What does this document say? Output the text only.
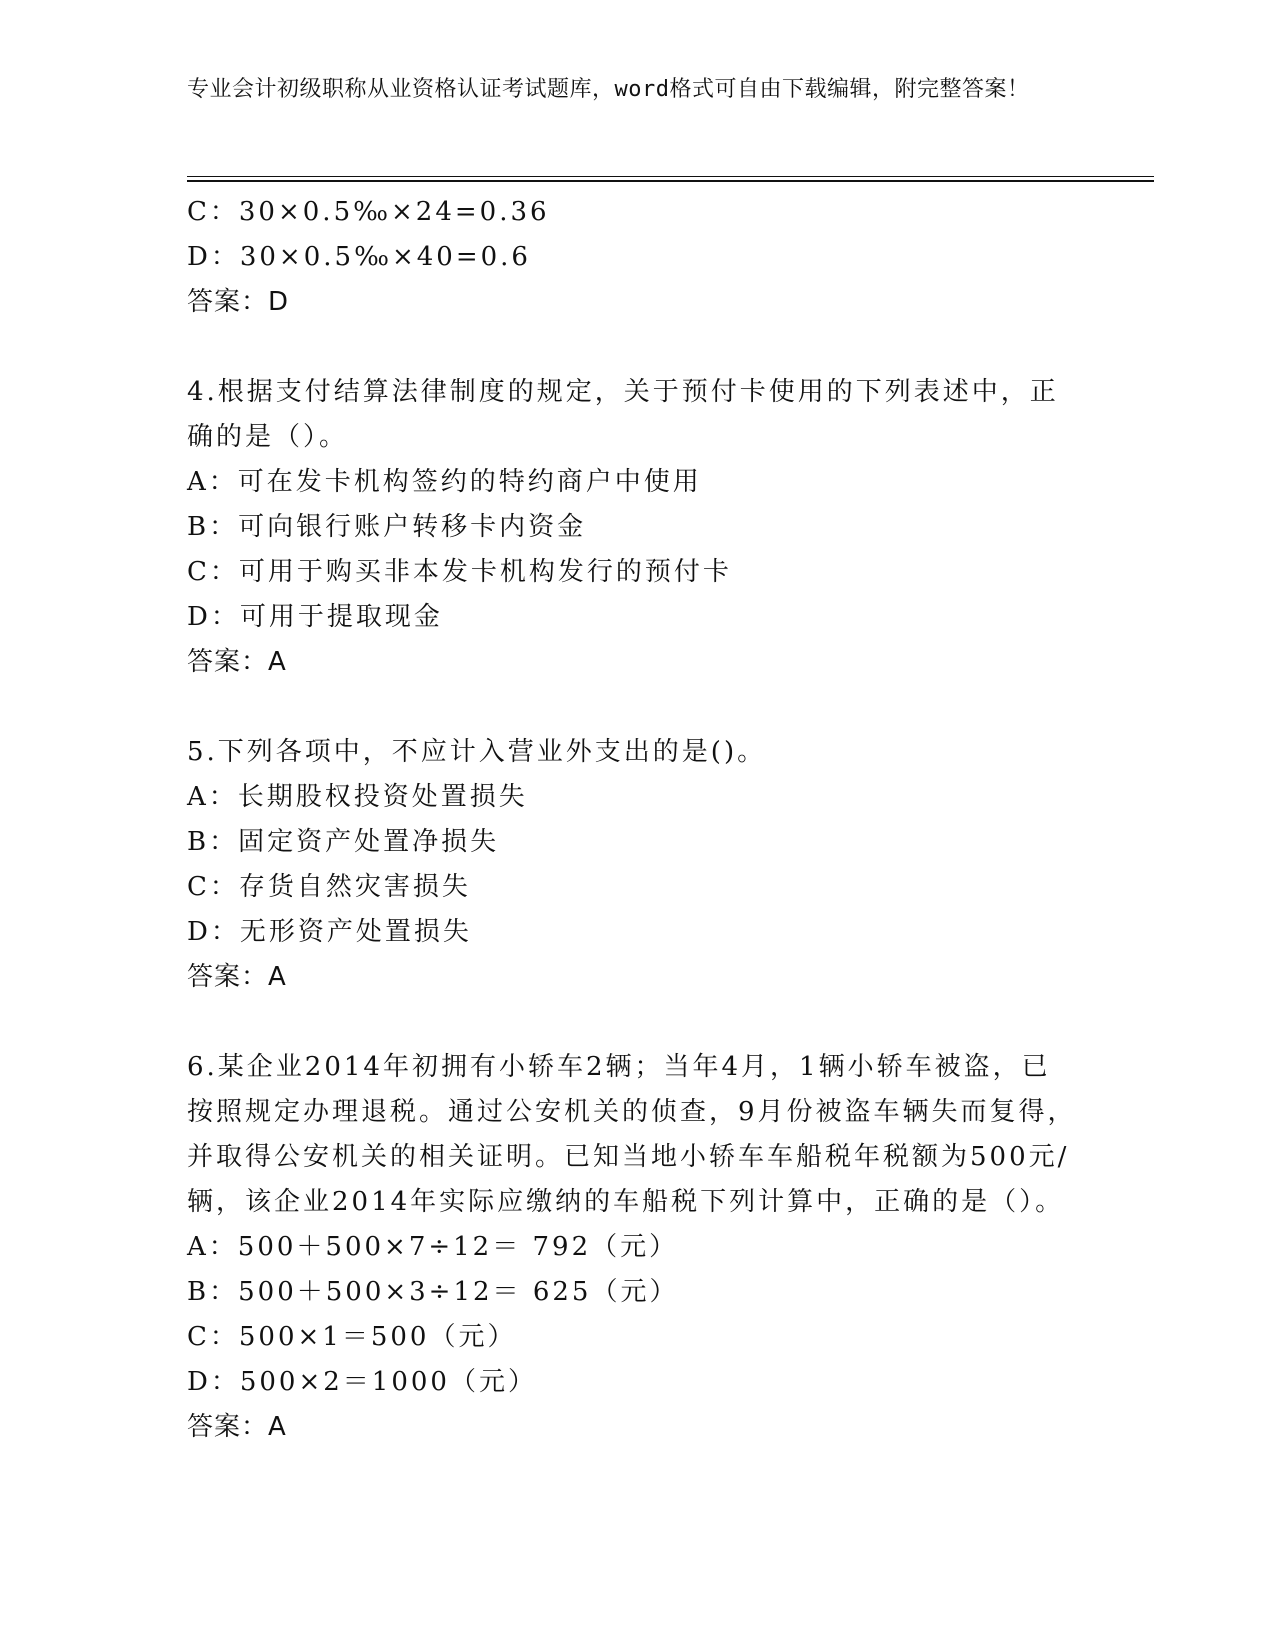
专业会计初级职称从业资格认证考试题库，word格式可自由下载编辑，附完整答案！
C：30×0.5‰×24=0.36
D：30×0.5‰×40=0.6
答案：D
4.根据支付结算法律制度的规定，关于预付卡使用的下列表述中，正
确的是（）。
A：可在发卡机构签约的特约商户中使用
B：可向银行账户转移卡内资金
C：可用于购买非本发卡机构发行的预付卡
D：可用于提取现金
答案：A
5.下列各项中，不应计入营业外支出的是()。
A：长期股权投资处置损失
B：固定资产处置净损失
C：存货自然灾害损失
D：无形资产处置损失
答案：A
6.某企业2014年初拥有小轿车2辆；当年4月，1辆小轿车被盗，已
按照规定办理退税。通过公安机关的侦查，9月份被盗车辆失而复得，
并取得公安机关的相关证明。已知当地小轿车车船税年税额为500元/
辆，该企业2014年实际应缴纳的车船税下列计算中，正确的是（）。
A：500＋500×7÷12＝ 792（元）
B：500＋500×3÷12＝ 625（元）
C：500×1＝500（元）
D：500×2＝1000（元）
答案：A
